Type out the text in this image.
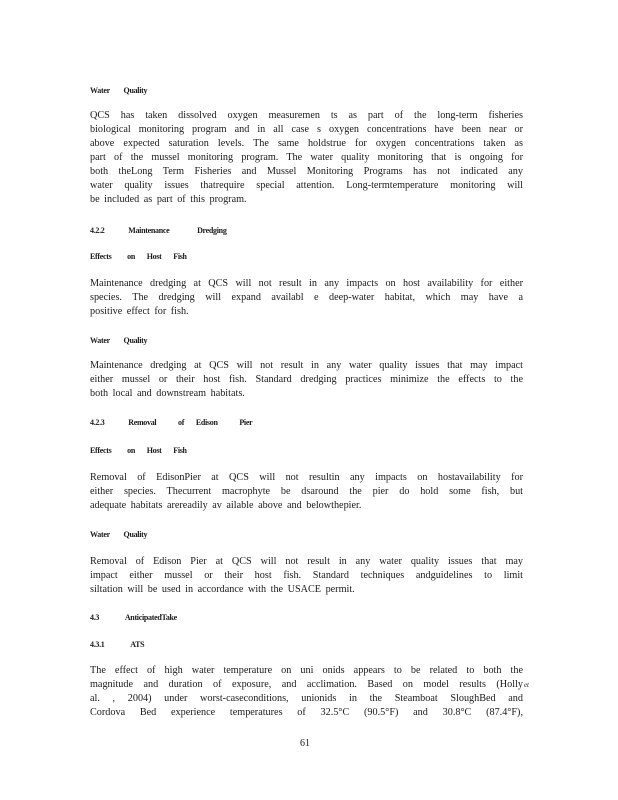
Water Quality
QCS has taken dissolved oxygen measuremen ts as part of the long-term fisheries
biological monitoring program and in all case s oxygen concentrations have been near or
above expected saturation levels. The same holdstrue for oxygen concentrations taken as
part of the mussel monitoring program. The water quality monitoring that is ongoing for
both theLong Term Fisheries and Mussel Monitoring Programs has not indicated any
water quality issues thatrequire special attention. Long-termtemperature monitoring will
be included as part of this program.
4.2.2	Maintenance	Dredging
Effects on Host Fish
Maintenance dredging at QCS will not result in any impacts on host availability for either
species. The dredging will expand availabl e deep-water habitat, which may have a
positive effect for fish.
Water Quality
Maintenance dredging at QCS will not result in any water quality issues that may impact
either mussel or their host fish. Standard dredging practices minimize the effects to the
both local and downstream habitats.
4.2.3	Removal	of Edison	Pier
Effects on Host Fish
Removal of EdisonPier at QCS will not resultin any impacts on hostavailability for
either species. Thecurrent macrophyte be dsaround the pier do hold some fish, but
adequate habitats arereadily av ailable above and belowthepier.
Water Quality
Removal of Edison Pier at QCS will not result in any water quality issues that may
impact either mussel or their host fish. Standard techniques andguidelines to limit
siltation will be used in accordance with the USACE permit.
4.3	AnticipatedTake
4.3.1	ATS
The effect of high water temperature on uni onids appears to be related to both the
magnitude and duration of exposure, and acclimation. Based on model results (Holly et
al. , 2004) under worst-caseconditions, unionids in the Steamboat SloughBed and
Cordova Bed experience temperatures of 32.5°C (90.5°F) and 30.8°C (87.4°F),
61
